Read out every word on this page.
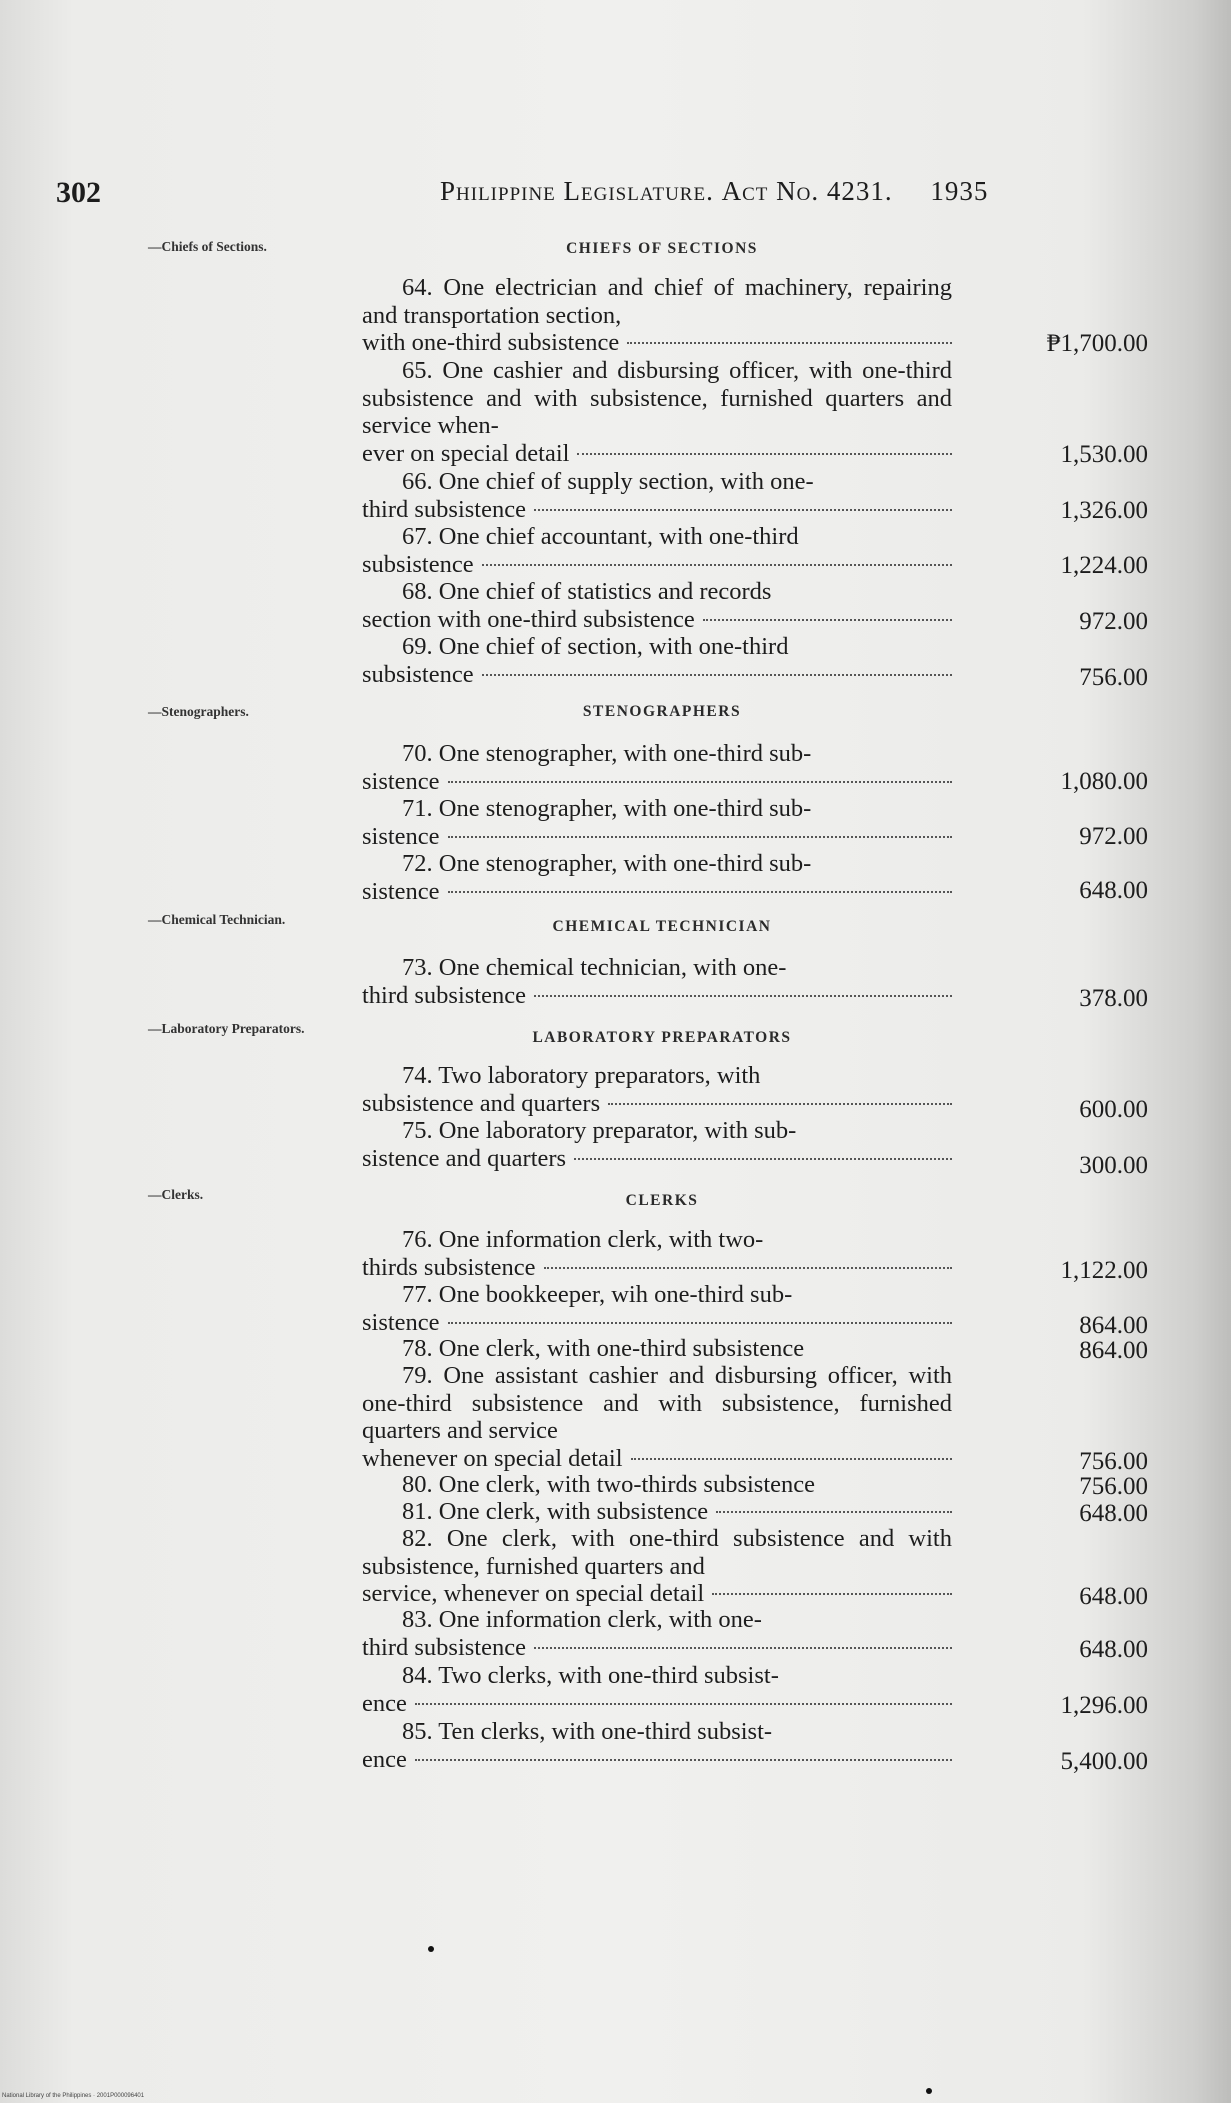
302	Philippine Legislature. Act No. 4231. 1935
—Chiefs of Sections.	CHIEFS OF SECTIONS
64. One electrician and chief of machinery, repairing and transportation section,
with one-third subsistence	₱1,700.00
65. One cashier and disbursing officer, with one-third subsistence and with subsistence, furnished quarters and service when-
ever on special detail	1,530.00
66. One chief of supply section, with one-
third subsistence	1,326.00
67. One chief accountant, with one-third
subsistence	1,224.00
68. One chief of statistics and records
section with one-third subsistence	972.00
69. One chief of section, with one-third
subsistence	756.00
—Stenographers.	STENOGRAPHERS
70. One stenographer, with one-third sub-
sistence	1,080.00
71. One stenographer, with one-third sub-
sistence	972.00
72. One stenographer, with one-third sub-
sistence	648.00
—Chemical Technician.	CHEMICAL TECHNICIAN
73. One chemical technician, with one-
third subsistence	378.00
—Laboratory Preparators.
LABORATORY PREPARATORS
74. Two laboratory preparators, with
subsistence and quarters	600.00
75. One laboratory preparator, with sub-
sistence and quarters	300.00
—Clerks.	CLERKS
76. One information clerk, with two-
thirds subsistence	1,122.00
77. One bookkeeper, wih one-third sub-
sistence	864.00
78. One clerk, with one-third subsistence	864.00
79. One assistant cashier and disbursing officer, with one-third subsistence and with subsistence, furnished quarters and service
whenever on special detail	756.00
80. One clerk, with two-thirds subsistence	756.00
81. One clerk, with subsistence	648.00
82. One clerk, with one-third subsistence and with subsistence, furnished quarters and
service, whenever on special detail	648.00
83. One information clerk, with one-
third subsistence	648.00
84. Two clerks, with one-third subsist-
ence	1,296.00
85. Ten clerks, with one-third subsist-
ence	5,400.00
National Library of the Philippines · 2001P000096401
